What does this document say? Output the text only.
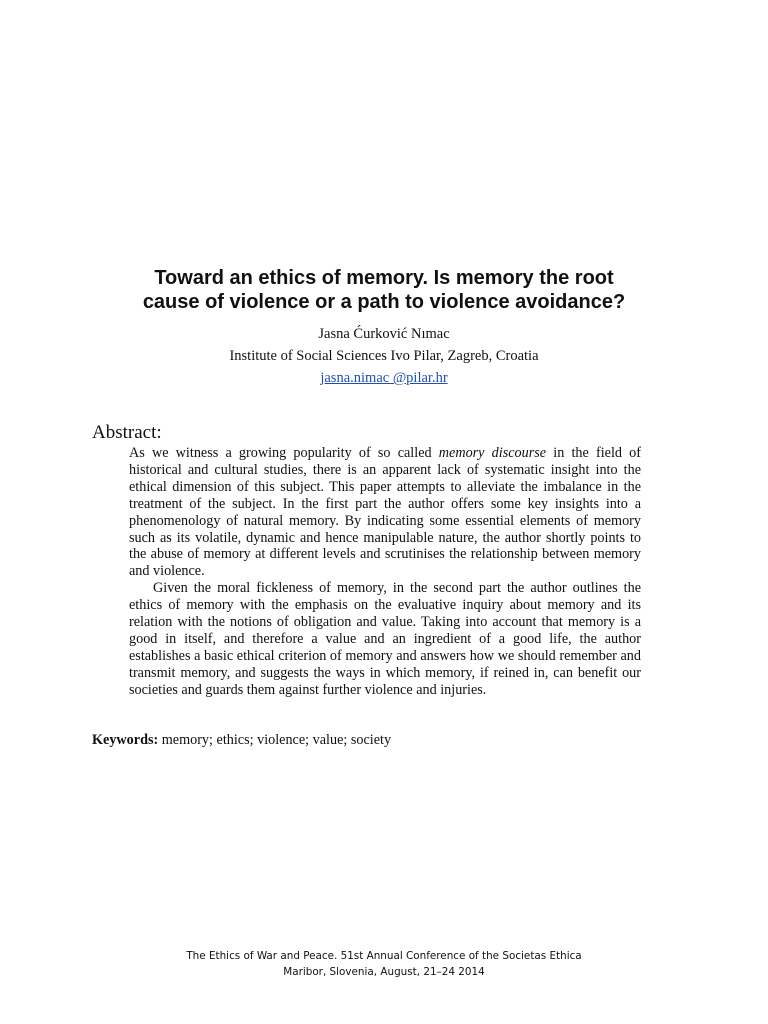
Toward an ethics of memory. Is memory the root
cause of violence or a path to violence avoidance?
Jasna Ćurković Nımac
Institute of Social Sciences Ivo Pilar, Zagreb, Croatia
jasna.nimac @pilar.hr
Abstract:

As we witness a growing popularity of so called memory discourse in the field of historical and cultural studies, there is an apparent lack of systematic insight into the ethical dimension of this subject. This paper attempts to alleviate the imbalance in the treatment of the subject. In the first part the author offers some key insights into a phenomenology of natural memory. By indicating some essential elements of memory such as its volatile, dynamic and hence manipulable nature, the author shortly points to the abuse of memory at different levels and scrutinises the relationship between memory and violence.

Given the moral fickleness of memory, in the second part the author outlines the ethics of memory with the emphasis on the evaluative inquiry about memory and its relation with the notions of obligation and value. Taking into account that memory is a good in itself, and therefore a value and an ingredient of a good life, the author establishes a basic ethical criterion of memory and answers how we should remember and transmit memory, and suggests the ways in which memory, if reined in, can benefit our societies and guards them against further violence and injuries.

Keywords: memory; ethics; violence; value; society
The Ethics of War and Peace. 51st Annual Conference of the Societas Ethica
Maribor, Slovenia, August, 21–24 2014
